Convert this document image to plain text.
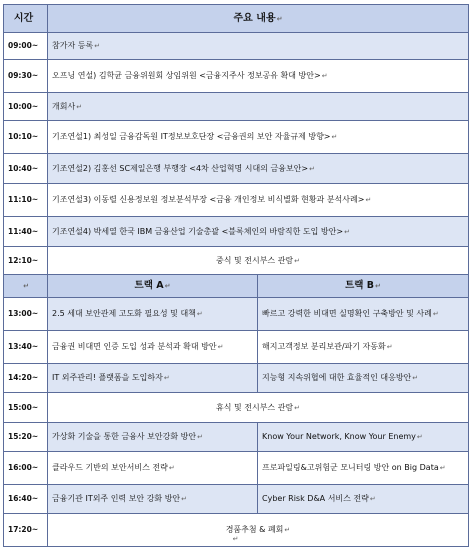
시간	주요 내용↵	
09:00~	참가자 등록↵	
09:30~	오프닝 연설) 김학균 금융위원회 상임위원 <금융지주사 정보공유 확대 방안>↵	
10:00~	개회사↵	
10:10~	기조연설1) 최성일 금융감독원 IT정보보호단장 <금융권의 보안 자율규제 방향>↵	
10:40~	기조연설2) 김홍선 SC제일은행 부행장 <4차 산업혁명 시대의 금융보안>↵	
11:10~	기조연설3) 이동렬 신용정보원 정보분석부장 <금융 개인정보 비식별화 현황과 분석사례>↵	
11:40~	기조연설4) 박세열 한국 IBM 금융산업 기술총괄 <블록체인의 바람직한 도입 방안>↵	
12:10~	중식 및 전시부스 관람↵	
↵	트랙 A↵	트랙 B↵
13:00~	2.5 세대 보안관제 고도화 필요성 및 대책↵	빠르고 강력한 비대면 실명확인 구축방안 및 사례↵
13:40~	금융권 비대면 인증 도입 성과 분석과 확대 방안↵	해지고객정보 분리보관/파기 자동화↵
14:20~	IT 외주관리! 플랫폼을 도입하자↵	지능형 지속위협에 대한 효율적인 대응방안↵
15:00~	휴식 및 전시부스 관람↵	
15:20~	가상화 기술을 통한 금융사 보안강화 방안↵	Know Your Network, Know Your Enemy↵
16:00~	클라우드 기반의 보안서비스 전략↵	프로파일링&고위험군 모니터링 방안 on Big Data↵
16:40~	금융기관 IT외주 인력 보안 강화 방안↵	Cyber Risk D&A 서비스 전략↵
17:20~	경품추첨 & 폐회↵	
↵
